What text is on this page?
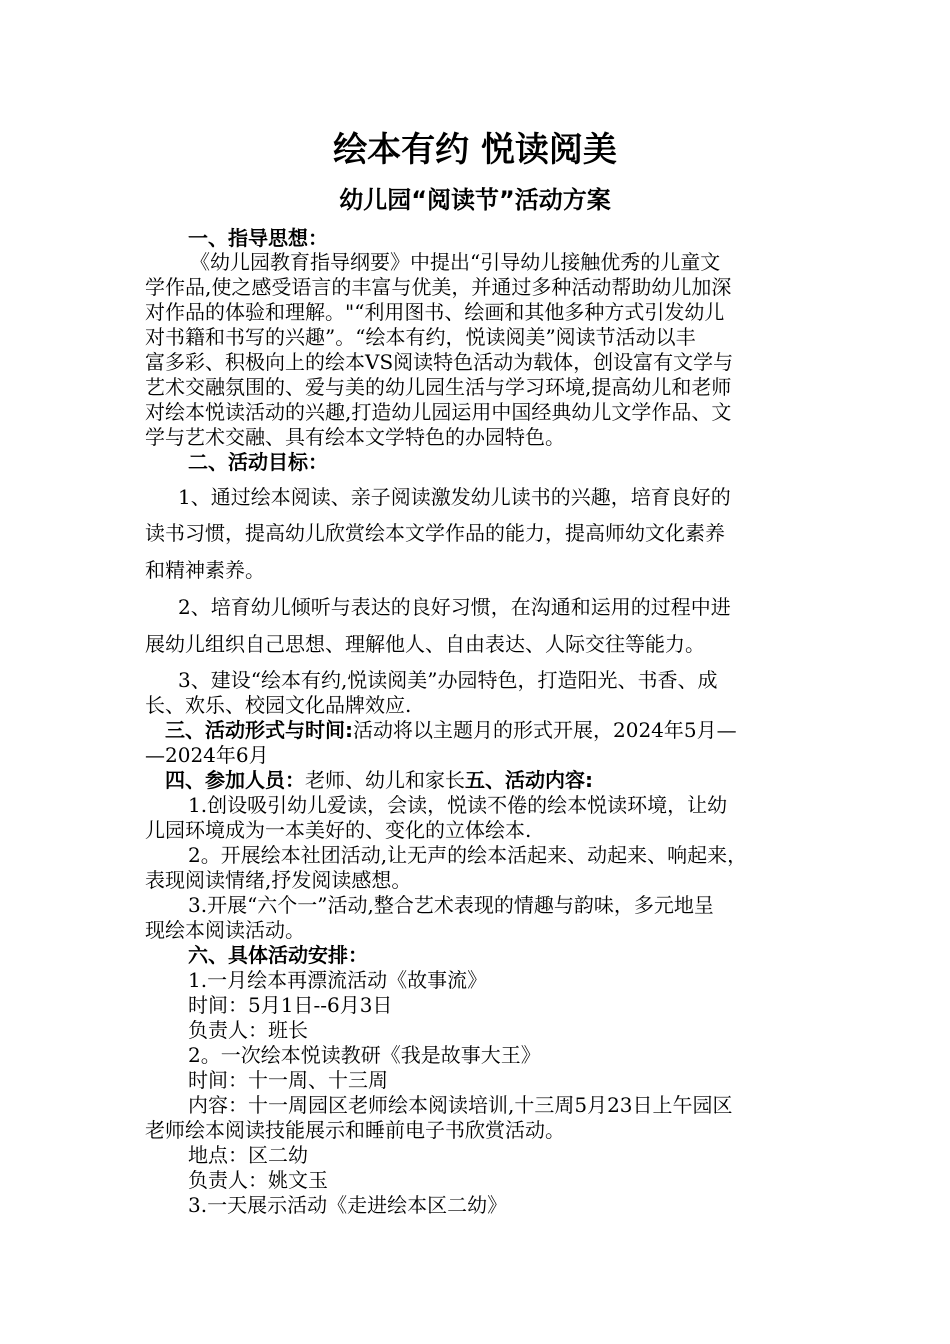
绘本有约 悦读阅美
幼儿园“阅读节”活动方案
一、指导思想：
《幼儿园教育指导纲要》中提出“引导幼儿接触优秀的儿童文
学作品,使之感受语言的丰富与优美，并通过多种活动帮助幼儿加深
对作品的体验和理解。"“利用图书、绘画和其他多种方式引发幼儿
对书籍和书写的兴趣”。“绘本有约，悦读阅美”阅读节活动以丰
富多彩、积极向上的绘本VS阅读特色活动为载体，创设富有文学与
艺术交融氛围的、爱与美的幼儿园生活与学习环境,提高幼儿和老师
对绘本悦读活动的兴趣,打造幼儿园运用中国经典幼儿文学作品、文
学与艺术交融、具有绘本文学特色的办园特色。
二、活动目标：
1、通过绘本阅读、亲子阅读激发幼儿读书的兴趣，培育良好的
读书习惯，提高幼儿欣赏绘本文学作品的能力，提高师幼文化素养
和精神素养。
2、培育幼儿倾听与表达的良好习惯，在沟通和运用的过程中进
展幼儿组织自己思想、理解他人、自由表达、人际交往等能力。
3、建设“绘本有约,悦读阅美”办园特色，打造阳光、书香、成
长、欢乐、校园文化品牌效应.
三、活动形式与时间:活动将以主题月的形式开展，2024年5月—
—2024年6月
四、参加人员：老师、幼儿和家长五、活动内容:
1.创设吸引幼儿爱读，会读，悦读不倦的绘本悦读环境，让幼
儿园环境成为一本美好的、变化的立体绘本.
2。开展绘本社团活动,让无声的绘本活起来、动起来、响起来，
表现阅读情绪,抒发阅读感想。
3.开展“六个一”活动,整合艺术表现的情趣与韵味，多元地呈
现绘本阅读活动。
六、具体活动安排：
1.一月绘本再漂流活动《故事流》
时间：5月1日--6月3日
负责人：班长
2。一次绘本悦读教研《我是故事大王》
时间：十一周、十三周
内容：十一周园区老师绘本阅读培训,十三周5月23日上午园区
老师绘本阅读技能展示和睡前电子书欣赏活动。
地点：区二幼
负责人：姚文玉
3.一天展示活动《走进绘本区二幼》
